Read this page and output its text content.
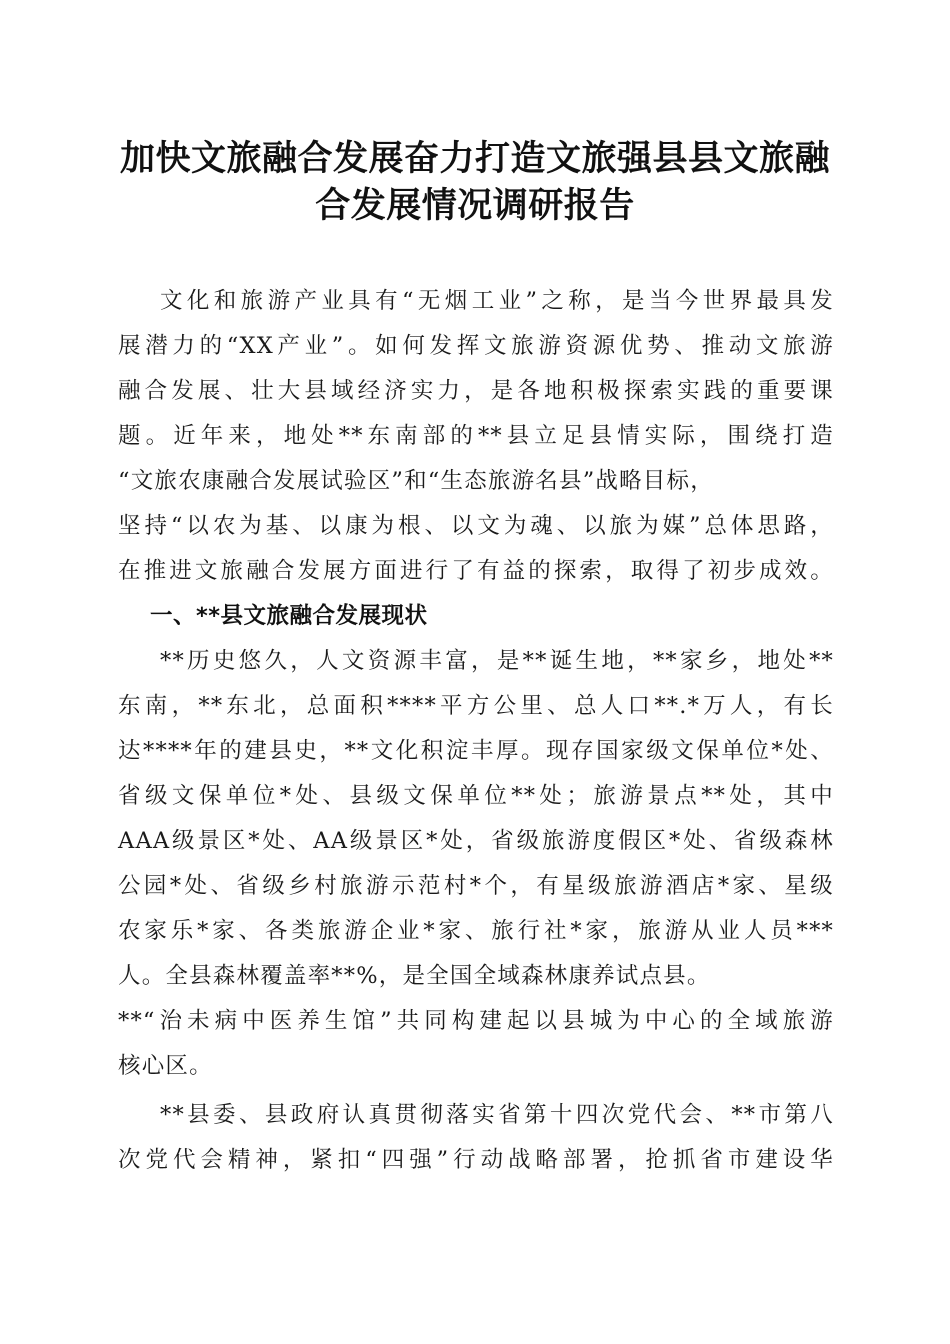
加快文旅融合发展奋力打造文旅强县县文旅融
合发展情况调研报告
文化和旅游产业具有“无烟工业”之称，是当今世界最具发
展潜力的“XX产业”。如何发挥文旅游资源优势、推动文旅游
融合发展、壮大县域经济实力，是各地积极探索实践的重要课
题。近年来，地处**东南部的**县立足县情实际，围绕打造
“文旅农康融合发展试验区”和“生态旅游名县”战略目标，
坚持“以农为基、以康为根、以文为魂、以旅为媒”总体思路，
在推进文旅融合发展方面进行了有益的探索，取得了初步成效。
一、**县文旅融合发展现状
**历史悠久，人文资源丰富，是**诞生地，**家乡，地处**
东南，**东北，总面积****平方公里、总人口**.*万人，有长
达****年的建县史，**文化积淀丰厚。现存国家级文保单位*处、
省级文保单位*处、县级文保单位**处；旅游景点**处，其中
AAA级景区*处、AA级景区*处，省级旅游度假区*处、省级森林
公园*处、省级乡村旅游示范村*个，有星级旅游酒店*家、星级
农家乐*家、各类旅游企业*家、旅行社*家，旅游从业人员***
人。全县森林覆盖率**%，是全国全域森林康养试点县。
**“治未病中医养生馆”共同构建起以县城为中心的全域旅游
核心区。
**县委、县政府认真贯彻落实省第十四次党代会、**市第八
次党代会精神，紧扣“四强”行动战略部署，抢抓省市建设华
